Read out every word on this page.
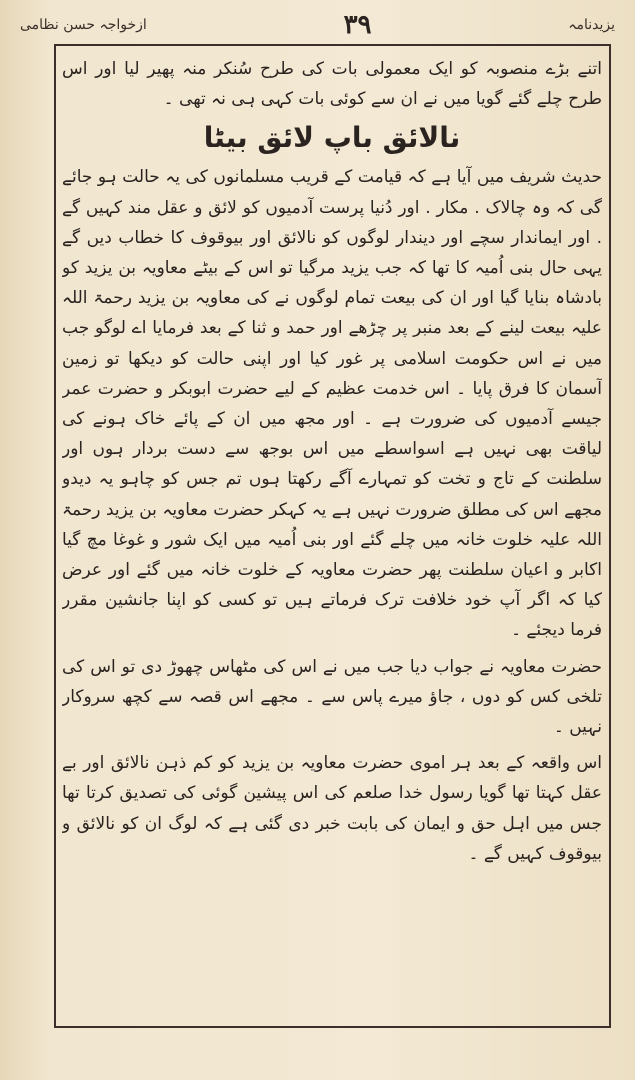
ازخواجہ حسن نظامی	۳۹	یزیدنامہ

اتنے بڑے منصوبہ کو ایک معمولی بات کی طرح سُنکر منہ پھیر لیا اور اس طرح چلے گئے گویا میں نے ان سے کوئی بات کہی ہی نہ تھی ۔

نالائق باپ لائق بیٹا

حدیث شریف میں آیا ہے کہ قیامت کے قریب مسلمانوں کی یہ حالت ہو جائے گی کہ وہ چالاک . مکار . اور دُنیا پرست آدمیوں کو لائق و عقل مند کہیں گے . اور ایماندار سچے اور دیندار لوگوں کو نالائق اور بیوقوف کا خطاب دیں گے یہی حال بنی اُمیہ کا تھا کہ جب یزید مرگیا تو اس کے بیٹے معاویہ بن یزید کو بادشاہ بنایا گیا اور ان کی بیعت تمام لوگوں نے کی معاویہ بن یزید رحمۃ اللہ علیہ بیعت لینے کے بعد منبر پر چڑھے اور حمد و ثنا کے بعد فرمایا اے لوگو جب میں نے اس حکومت اسلامی پر غور کیا اور اپنی حالت کو دیکھا تو زمین آسمان کا فرق پایا ۔ اس خدمت عظیم کے لیے حضرت ابوبکر و حضرت عمر جیسے آدمیوں کی ضرورت ہے ۔ اور مجھ میں ان کے پائے خاک ہونے کی لیاقت بھی نہیں ہے اسواسطے میں اس بوجھ سے دست بردار ہوں اور سلطنت کے تاج و تخت کو تمہارے آگے رکھتا ہوں تم جس کو چاہو یہ دیدو مجھے اس کی مطلق ضرورت نہیں ہے یہ کہکر حضرت معاویہ بن یزید رحمۃ اللہ علیہ خلوت خانہ میں چلے گئے اور بنی اُمیہ میں ایک شور و غوغا مچ گیا اکابر و اعیان سلطنت پھر حضرت معاویہ کے خلوت خانہ میں گئے اور عرض کیا کہ اگر آپ خود خلافت ترک فرماتے ہیں تو کسی کو اپنا جانشین مقرر فرما دیجئے ۔

حضرت معاویہ نے جواب دیا جب میں نے اس کی مٹھاس چھوڑ دی تو اس کی تلخی کس کو دوں ، جاؤ میرے پاس سے ۔ مجھے اس قصہ سے کچھ سروکار نہیں ۔

اس واقعہ کے بعد ہر اموی حضرت معاویہ بن یزید کو کم ذہن نالائق اور بے عقل کہتا تھا گویا رسول خدا صلعم کی اس پیشین گوئی کی تصدیق کرتا تھا جس میں اہل حق و ایمان کی بابت خبر دی گئی ہے کہ لوگ ان کو نالائق و بیوقوف کہیں گے ۔
